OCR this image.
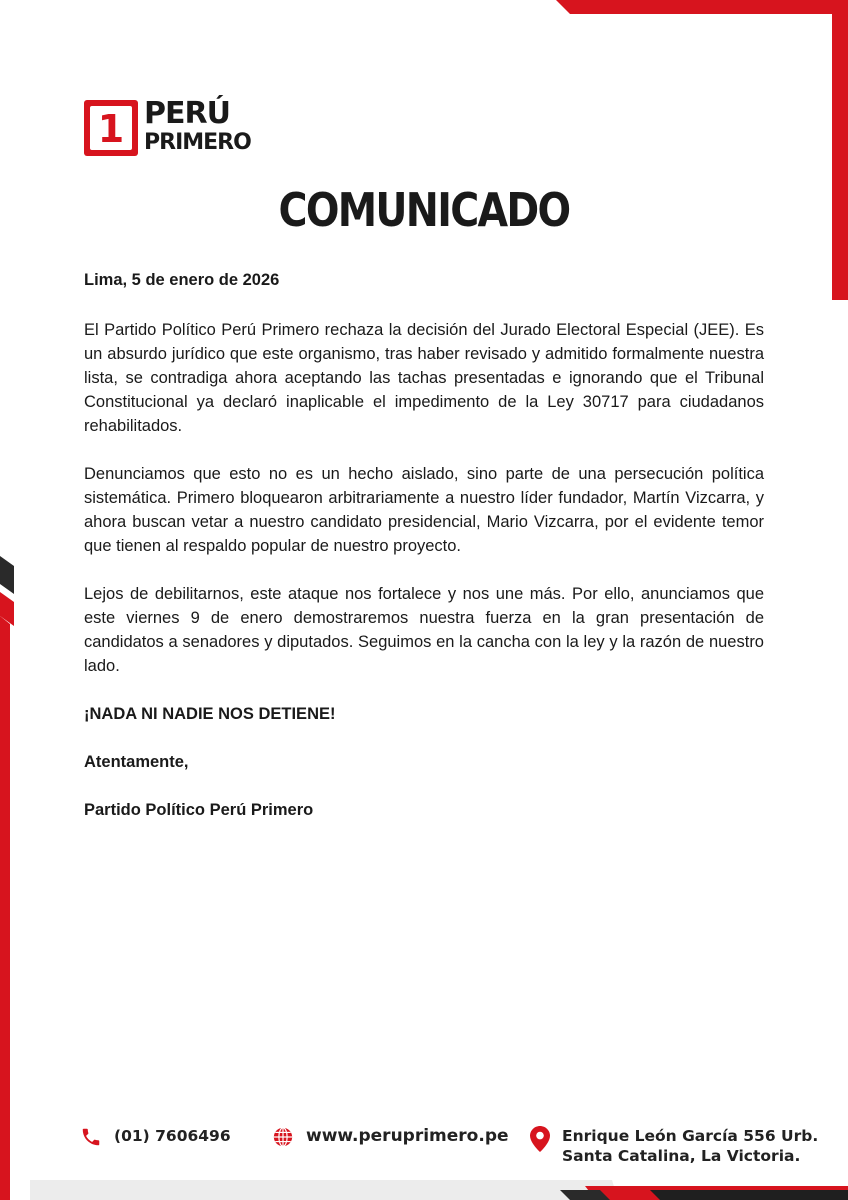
1 PERÚ
PRIMERO
COMUNICADO

Lima, 5 de enero de 2026

El Partido Político Perú Primero rechaza la decisión del Jurado Electoral Especial (JEE). Es un absurdo jurídico que este organismo, tras haber revisado y admitido formalmente nuestra lista, se contradiga ahora aceptando las tachas presentadas e ignorando que el Tribunal Constitucional ya declaró inaplicable el impedimento de la Ley 30717 para ciudadanos rehabilitados.

Denunciamos que esto no es un hecho aislado, sino parte de una persecución política sistemática. Primero bloquearon arbitrariamente a nuestro líder fundador, Martín Vizcarra, y ahora buscan vetar a nuestro candidato presidencial, Mario Vizcarra, por el evidente temor que tienen al respaldo popular de nuestro proyecto.

Lejos de debilitarnos, este ataque nos fortalece y nos une más. Por ello, anunciamos que este viernes 9 de enero demostraremos nuestra fuerza en la gran presentación de candidatos a senadores y diputados. Seguimos en la cancha con la ley y la razón de nuestro lado.

¡NADA NI NADIE NOS DETIENE!

Atentamente,

Partido Político Perú Primero

(01) 7606496	www.peruprimero.pe	Enrique León García 556 Urb.
Santa Catalina, La Victoria.
